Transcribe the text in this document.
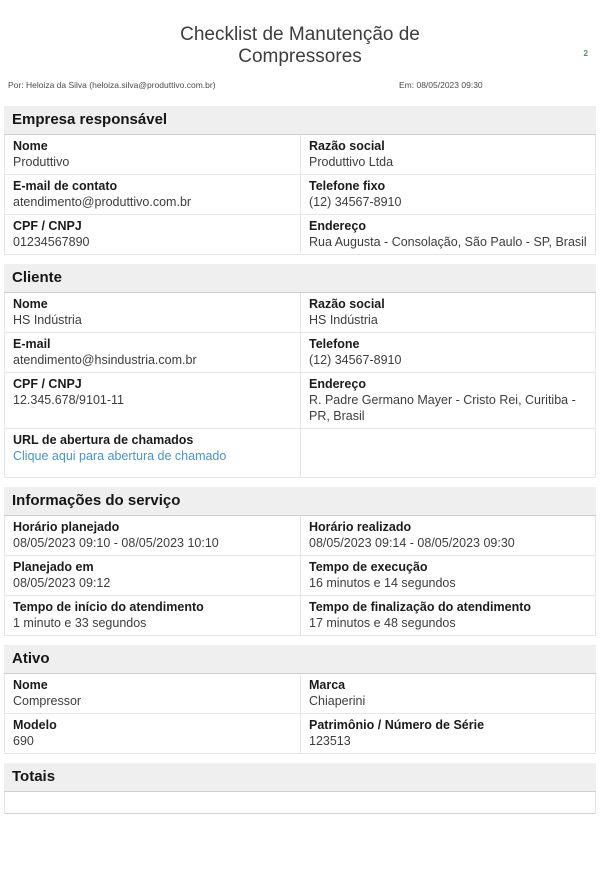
2
Checklist de Manutenção de Compressores
Por: Heloiza da Silva (heloiza.silva@produttivo.com.br)	Em: 08/05/2023 09:30
Empresa responsável
Nome
Produttivo
Razão social
Produttivo Ltda
E-mail de contato
atendimento@produttivo.com.br
Telefone fixo
(12) 34567-8910
CPF / CNPJ
01234567890
Endereço
Rua Augusta - Consolação, São Paulo - SP, Brasil
Cliente
Nome
HS Indústria
Razão social
HS Indústria
E-mail
atendimento@hsindustria.com.br
Telefone
(12) 34567-8910
CPF / CNPJ
12.345.678/9101-11
Endereço
R. Padre Germano Mayer - Cristo Rei, Curitiba - PR, Brasil
URL de abertura de chamados
Clique aqui para abertura de chamado
Informações do serviço
Horário planejado
08/05/2023 09:10 - 08/05/2023 10:10
Horário realizado
08/05/2023 09:14 - 08/05/2023 09:30
Planejado em
08/05/2023 09:12
Tempo de execução
16 minutos e 14 segundos
Tempo de início do atendimento
1 minuto e 33 segundos
Tempo de finalização do atendimento
17 minutos e 48 segundos
Ativo
Nome
Compressor
Marca
Chiaperini
Modelo
690
Patrimônio / Número de Série
123513
Totais
